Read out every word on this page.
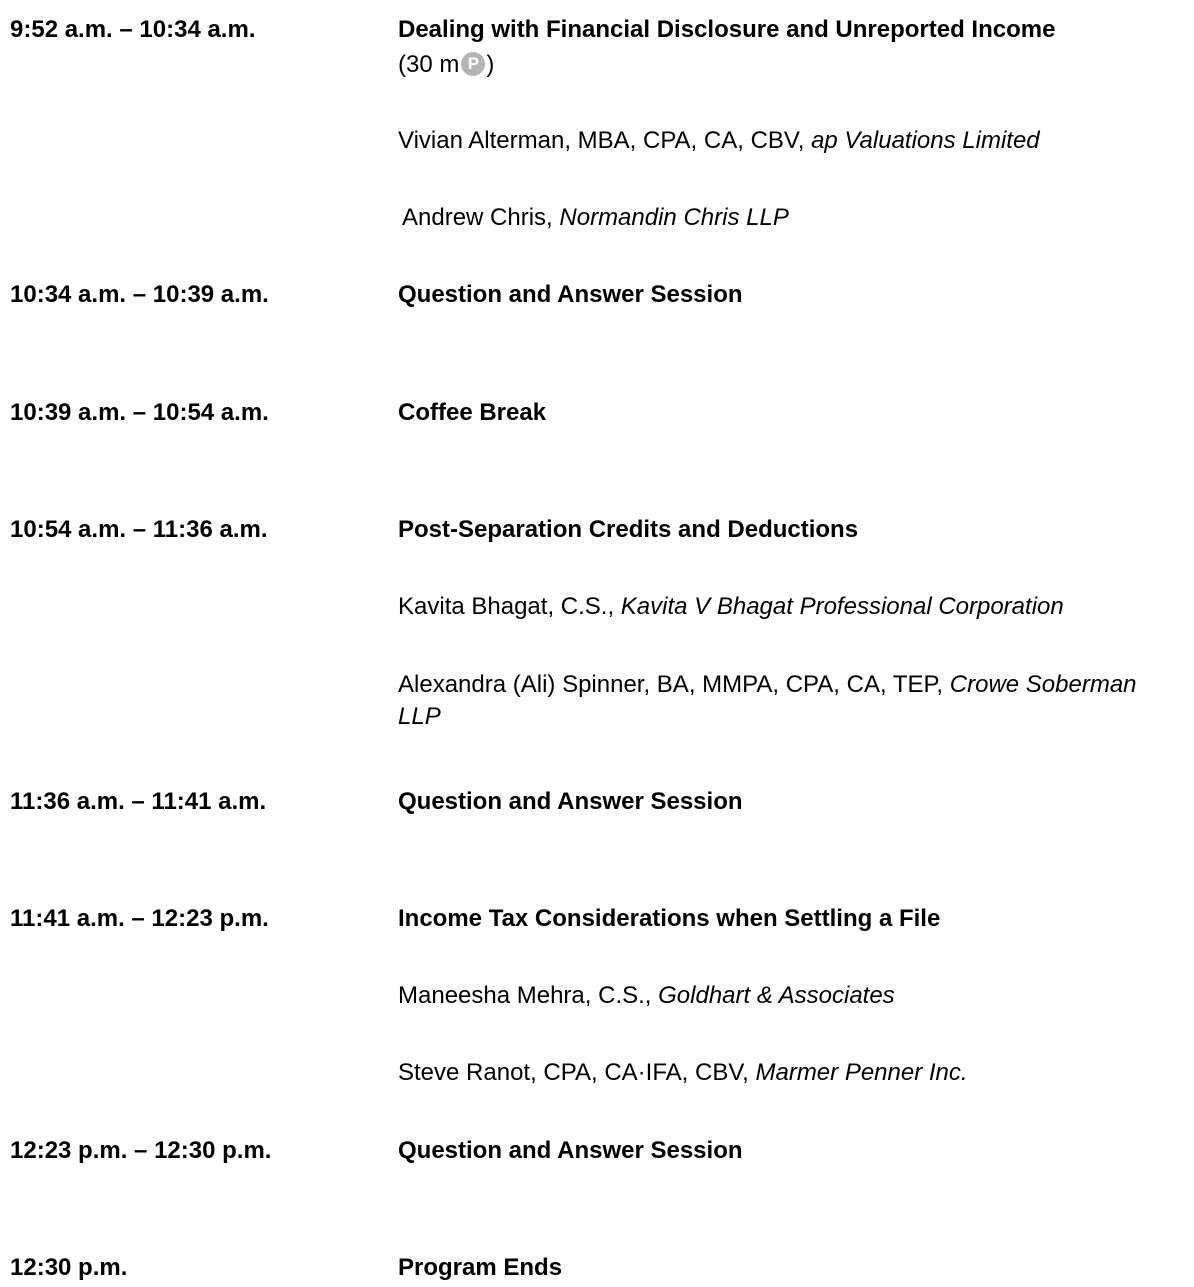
9:52 a.m. – 10:34 a.m.	Dealing with Financial Disclosure and Unreported Income
(30 m P )
Vivian Alterman, MBA, CPA, CA, CBV, ap Valuations Limited
Andrew Chris, Normandin Chris LLP
10:34 a.m. – 10:39 a.m.	Question and Answer Session
10:39 a.m. – 10:54 a.m.	Coffee Break
10:54 a.m. – 11:36 a.m.	Post-Separation Credits and Deductions
Kavita Bhagat, C.S., Kavita V Bhagat Professional Corporation
Alexandra (Ali) Spinner, BA, MMPA, CPA, CA, TEP, Crowe Soberman LLP
11:36 a.m. – 11:41 a.m.	Question and Answer Session
11:41 a.m. – 12:23 p.m.	Income Tax Considerations when Settling a File
Maneesha Mehra, C.S., Goldhart & Associates
Steve Ranot, CPA, CA·IFA, CBV, Marmer Penner Inc.
12:23 p.m. – 12:30 p.m.	Question and Answer Session
12:30 p.m.	Program Ends
